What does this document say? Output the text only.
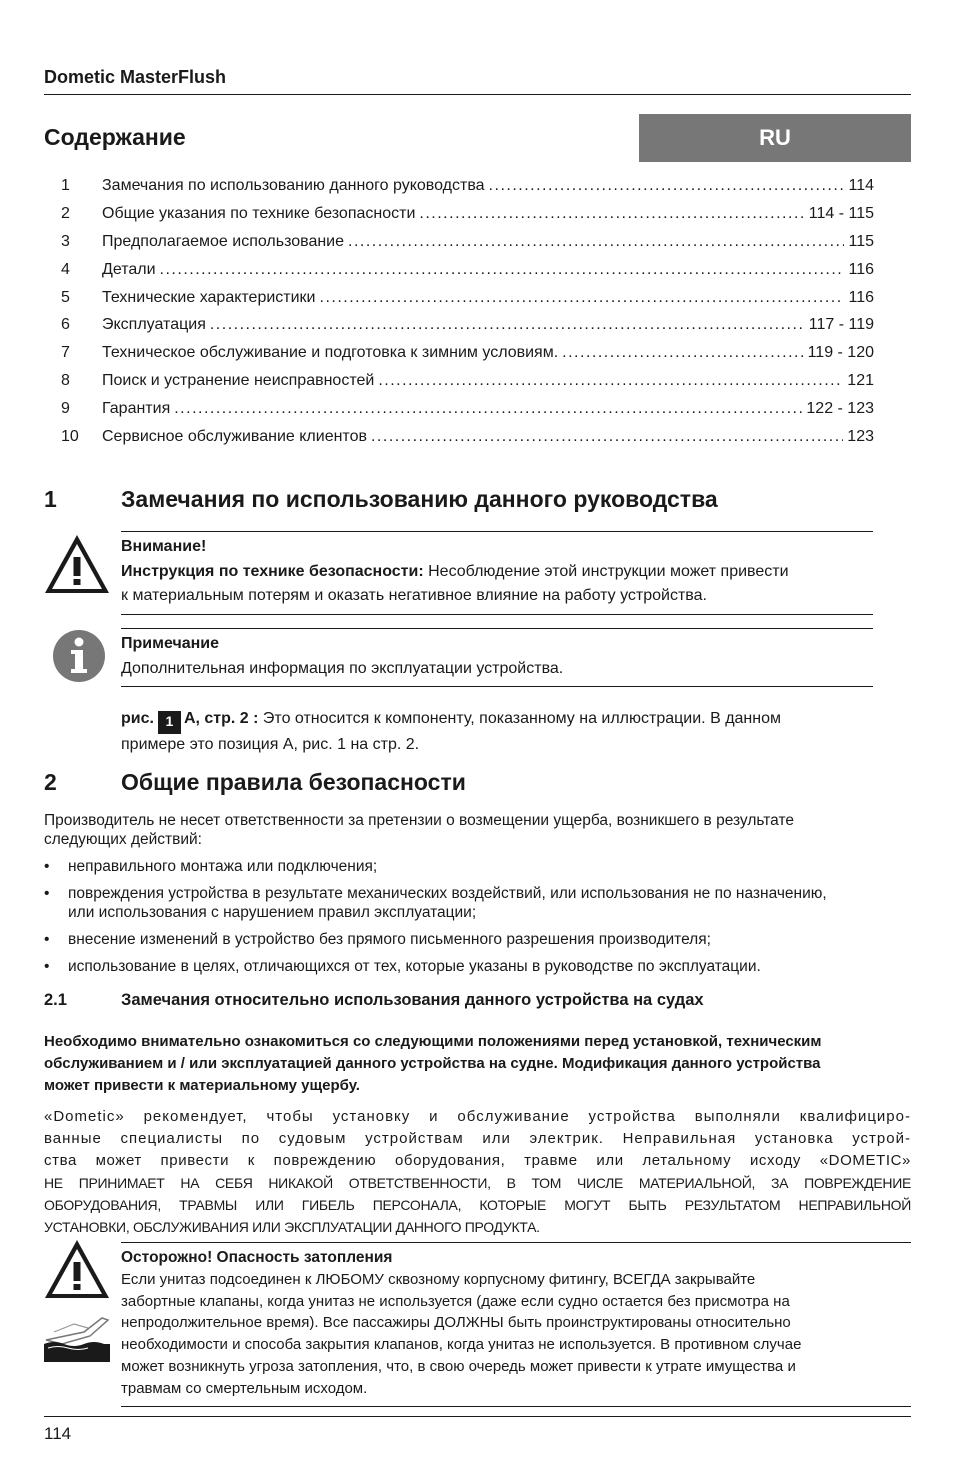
Dometic MasterFlush
Содержание	RU
1	Замечания по использованию данного руководства .....	114
2	Общие указания по технике безопасности .....	114 - 115
3	Предполагаемое использование .....	115
4	Детали .....	116
5	Технические характеристики .....	116
6	Эксплуатация .....	117 - 119
7	Техническое обслуживание и подготовка к зимним условиям. .....	119 - 120
8	Поиск и устранение неисправностей .....	121
9	Гарантия .....	122 - 123
10	Сервисное обслуживание клиентов .....	123
1	Замечания по использованию данного руководства
Внимание!
Инструкция по технике безопасности: Несоблюдение этой инструкции может привести
к материальным потерям и оказать негативное влияние на работу устройства.
Примечание
Дополнительная информация по эксплуатации устройства.
рис. 1 A, стр. 2 : Это относится к компоненту, показанному на иллюстрации. В данном
примере это позиция A, рис. 1 на стр. 2.
2	Общие правила безопасности
Производитель не несет ответственности за претензии о возмещении ущерба, возникшего в результате
следующих действий:
• неправильного монтажа или подключения;
• повреждения устройства в результате механических воздействий, или использования не по назначению,
или использования с нарушением правил эксплуатации;
• внесение изменений в устройство без прямого письменного разрешения производителя;
• использование в целях, отличающихся от тех, которые указаны в руководстве по эксплуатации.
2.1	Замечания относительно использования данного устройства на судах
Необходимо внимательно ознакомиться со следующими положениями перед установкой, техническим
обслуживанием и / или эксплуатацией данного устройства на судне. Модификация данного устройства
может привести к материальному ущербу.
«Dometic» рекомендует, чтобы установку и обслуживание устройства выполняли квалифициро-
ванные специалисты по судовым устройствам или электрик. Неправильная установка устрой-
ства может привести к повреждению оборудования, травме или летальному исходу «DOMETIC»
НЕ ПРИНИМАЕТ НА СЕБЯ НИКАКОЙ ОТВЕТСТВЕННОСТИ, В ТОМ ЧИСЛЕ МАТЕРИАЛЬНОЙ, ЗА ПОВРЕЖДЕНИЕ
ОБОРУДОВАНИЯ, ТРАВМЫ ИЛИ ГИБЕЛЬ ПЕРСОНАЛА, КОТОРЫЕ МОГУТ БЫТЬ РЕЗУЛЬТАТОМ НЕПРАВИЛЬНОЙ
УСТАНОВКИ, ОБСЛУЖИВАНИЯ ИЛИ ЭКСПЛУАТАЦИИ ДАННОГО ПРОДУКТА.
Осторожно! Опасность затопления
Если унитаз подсоединен к ЛЮБОМУ сквозному корпусному фитингу, ВСЕГДА закрывайте
забортные клапаны, когда унитаз не используется (даже если судно остается без присмотра на
непродолжительное время). Все пассажиры ДОЛЖНЫ быть проинструктированы относительно
необходимости и способа закрытия клапанов, когда унитаз не используется. В противном случае
может возникнуть угроза затопления, что, в свою очередь может привести к утрате имущества и
травмам со смертельным исходом.
114
